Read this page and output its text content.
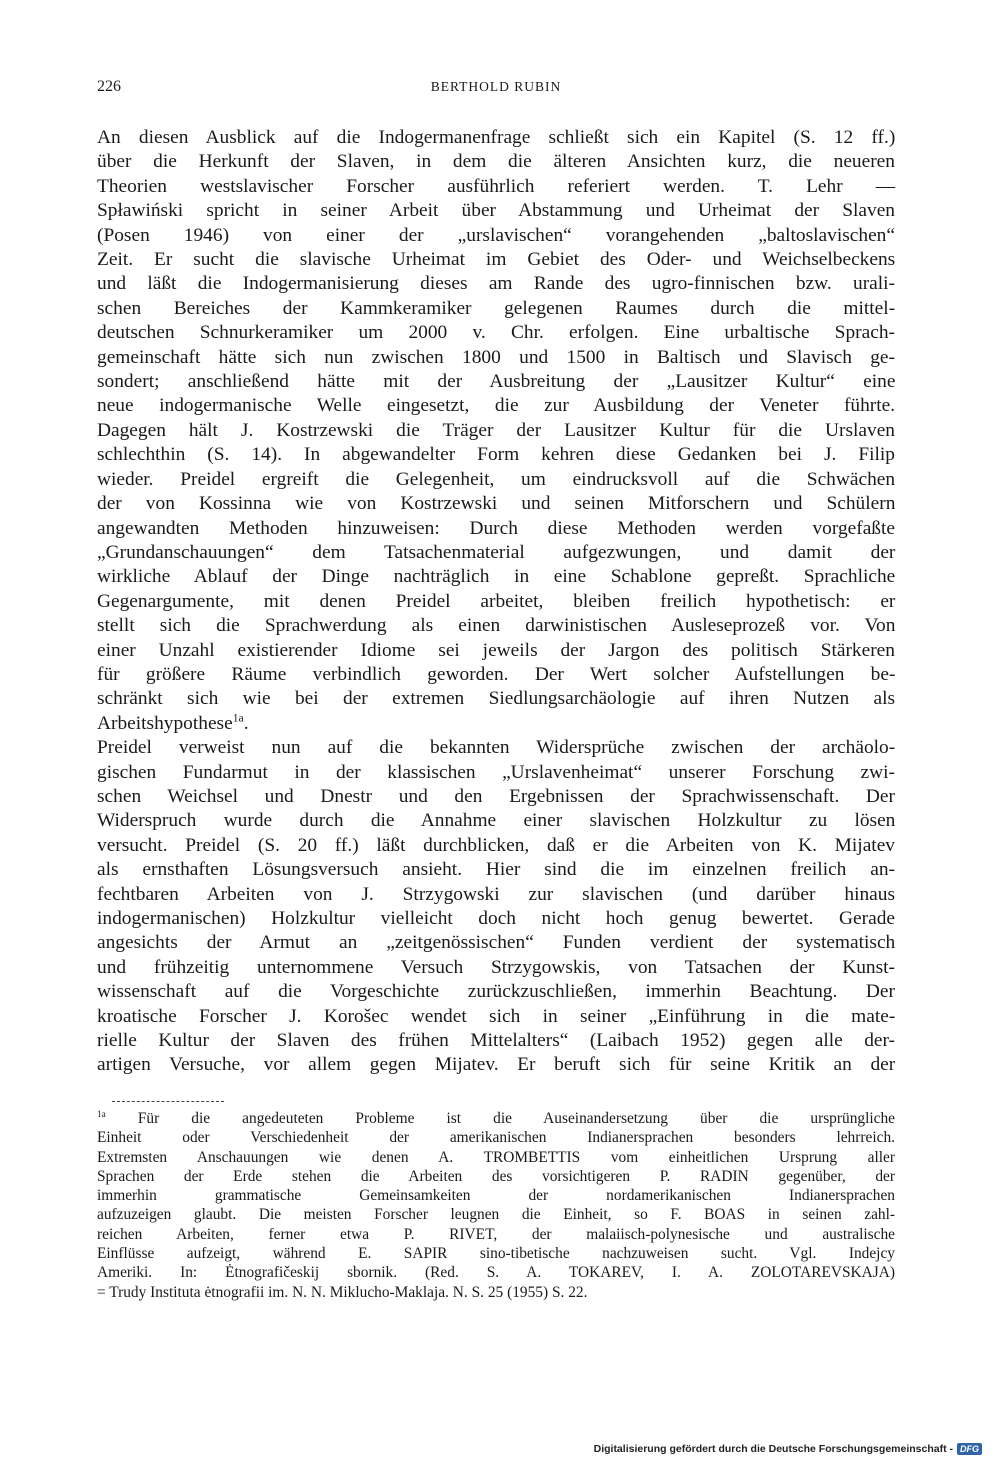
226	BERTHOLD RUBIN
An diesen Ausblick auf die Indogermanenfrage schließt sich ein Kapitel (S. 12 ff.)
über die Herkunft der Slaven, in dem die älteren Ansichten kurz, die neueren
Theorien westslavischer Forscher ausführlich referiert werden. T. Lehr —
Spławiński spricht in seiner Arbeit über Abstammung und Urheimat der Slaven
(Posen 1946) von einer der „urslavischen“ vorangehenden „baltoslavischen“
Zeit. Er sucht die slavische Urheimat im Gebiet des Oder- und Weichselbeckens
und läßt die Indogermanisierung dieses am Rande des ugro-finnischen bzw. urali-
schen Bereiches der Kammkeramiker gelegenen Raumes durch die mittel-
deutschen Schnurkeramiker um 2000 v. Chr. erfolgen. Eine urbaltische Sprach-
gemeinschaft hätte sich nun zwischen 1800 und 1500 in Baltisch und Slavisch ge-
sondert; anschließend hätte mit der Ausbreitung der „Lausitzer Kultur“ eine
neue indogermanische Welle eingesetzt, die zur Ausbildung der Veneter führte.
Dagegen hält J. Kostrzewski die Träger der Lausitzer Kultur für die Urslaven
schlechthin (S. 14). In abgewandelter Form kehren diese Gedanken bei J. Filip
wieder. Preidel ergreift die Gelegenheit, um eindrucksvoll auf die Schwächen
der von Kossinna wie von Kostrzewski und seinen Mitforschern und Schülern
angewandten Methoden hinzuweisen: Durch diese Methoden werden vorgefaßte
„Grundanschauungen“ dem Tatsachenmaterial aufgezwungen, und damit der
wirkliche Ablauf der Dinge nachträglich in eine Schablone gepreßt. Sprachliche
Gegenargumente, mit denen Preidel arbeitet, bleiben freilich hypothetisch: er
stellt sich die Sprachwerdung als einen darwinistischen Ausleseprozeß vor. Von
einer Unzahl existierender Idiome sei jeweils der Jargon des politisch Stärkeren
für größere Räume verbindlich geworden. Der Wert solcher Aufstellungen be-
schränkt sich wie bei der extremen Siedlungsarchäologie auf ihren Nutzen als
Arbeitshypothese$^{1a}$.
Preidel verweist nun auf die bekannten Widersprüche zwischen der archäolo-
gischen Fundarmut in der klassischen „Urslavenheimat“ unserer Forschung zwi-
schen Weichsel und Dnestr und den Ergebnissen der Sprachwissenschaft. Der
Widerspruch wurde durch die Annahme einer slavischen Holzkultur zu lösen
versucht. Preidel (S. 20 ff.) läßt durchblicken, daß er die Arbeiten von K. Mijatev
als ernsthaften Lösungsversuch ansieht. Hier sind die im einzelnen freilich an-
fechtbaren Arbeiten von J. Strzygowski zur slavischen (und darüber hinaus
indogermanischen) Holzkultur vielleicht doch nicht hoch genug bewertet. Gerade
angesichts der Armut an „zeitgenössischen“ Funden verdient der systematisch
und frühzeitig unternommene Versuch Strzygowskis, von Tatsachen der Kunst-
wissenschaft auf die Vorgeschichte zurückzuschließen, immerhin Beachtung. Der
kroatische Forscher J. Korošec wendet sich in seiner „Einführung in die mate-
rielle Kultur der Slaven des frühen Mittelalters“ (Laibach 1952) gegen alle der-
artigen Versuche, vor allem gegen Mijatev. Er beruft sich für seine Kritik an der
$^{1a}$ Für die angedeuteten Probleme ist die Auseinandersetzung über die ursprüngliche
Einheit oder Verschiedenheit der amerikanischen Indianersprachen besonders lehrreich.
Extremsten Anschauungen wie denen A. TROMBETTIS vom einheitlichen Ursprung aller
Sprachen der Erde stehen die Arbeiten des vorsichtigeren P. RADIN gegenüber, der
immerhin grammatische Gemeinsamkeiten der nordamerikanischen Indianersprachen
aufzuzeigen glaubt. Die meisten Forscher leugnen die Einheit, so F. BOAS in seinen zahl-
reichen Arbeiten, ferner etwa P. RIVET, der malaiisch-polynesische und australische
Einflüsse aufzeigt, während E. SAPIR sino-tibetische nachzuweisen sucht. Vgl. Indejcy
Ameriki. In: Ėtnografičeskij sbornik. (Red. S. A. TOKAREV, I. A. ZOLOTAREVSKAJA)
= Trudy Instituta ėtnografii im. N. N. Miklucho-Maklaja. N. S. 25 (1955) S. 22.
Digitalisierung gefördert durch die Deutsche Forschungsgemeinschaft - DFG
